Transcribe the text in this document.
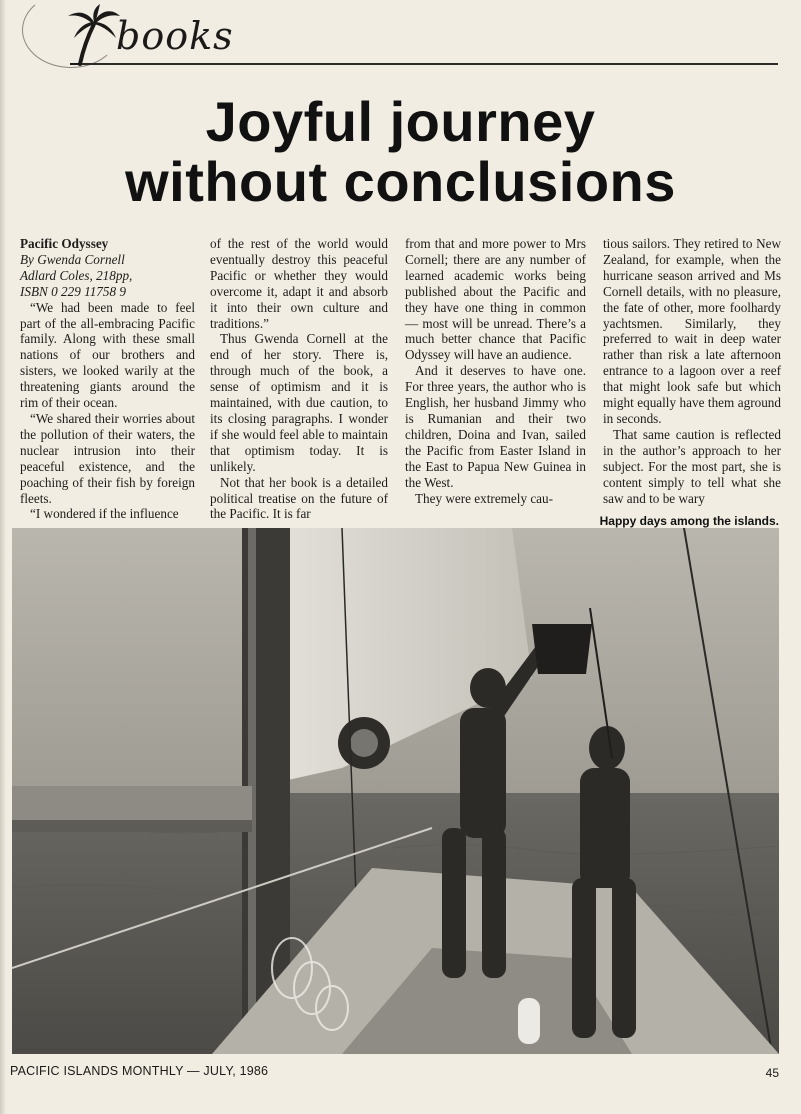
books
Joyful journey
without conclusions
Pacific Odyssey
By Gwenda Cornell
Adlard Coles, 218pp,
ISBN 0 229 11758 9

“We had been made to feel part of the all-embracing Pacific family. Along with these small nations of our brothers and sisters, we looked warily at the threatening giants around the rim of their ocean.

“We shared their worries about the pollution of their waters, the nuclear intrusion into their peaceful existence, and the poaching of their fish by foreign fleets.

“I wondered if the influence

of the rest of the world would eventually destroy this peaceful Pacific or whether they would overcome it, adapt it and absorb it into their own culture and traditions.”

Thus Gwenda Cornell at the end of her story. There is, through much of the book, a sense of optimism and it is maintained, with due caution, to its closing paragraphs. I wonder if she would feel able to maintain that optimism today. It is unlikely.

Not that her book is a detailed political treatise on the future of the Pacific. It is far

from that and more power to Mrs Cornell; there are any number of learned academic works being published about the Pacific and they have one thing in common — most will be unread. There’s a much better chance that Pacific Odyssey will have an audience.

And it deserves to have one. For three years, the author who is English, her husband Jimmy who is Rumanian and their two children, Doina and Ivan, sailed the Pacific from Easter Island in the East to Papua New Guinea in the West.

They were extremely cau-

tious sailors. They retired to New Zealand, for example, when the hurricane season arrived and Ms Cornell details, with no pleasure, the fate of other, more foolhardy yachtsmen. Similarly, they preferred to wait in deep water rather than risk a late afternoon entrance to a lagoon over a reef that might look safe but which might equally have them aground in seconds.

That same caution is reflected in the author’s approach to her subject. For the most part, she is content simply to tell what she saw and to be wary

Happy days among the islands.
PACIFIC ISLANDS MONTHLY — JULY, 1986	45
